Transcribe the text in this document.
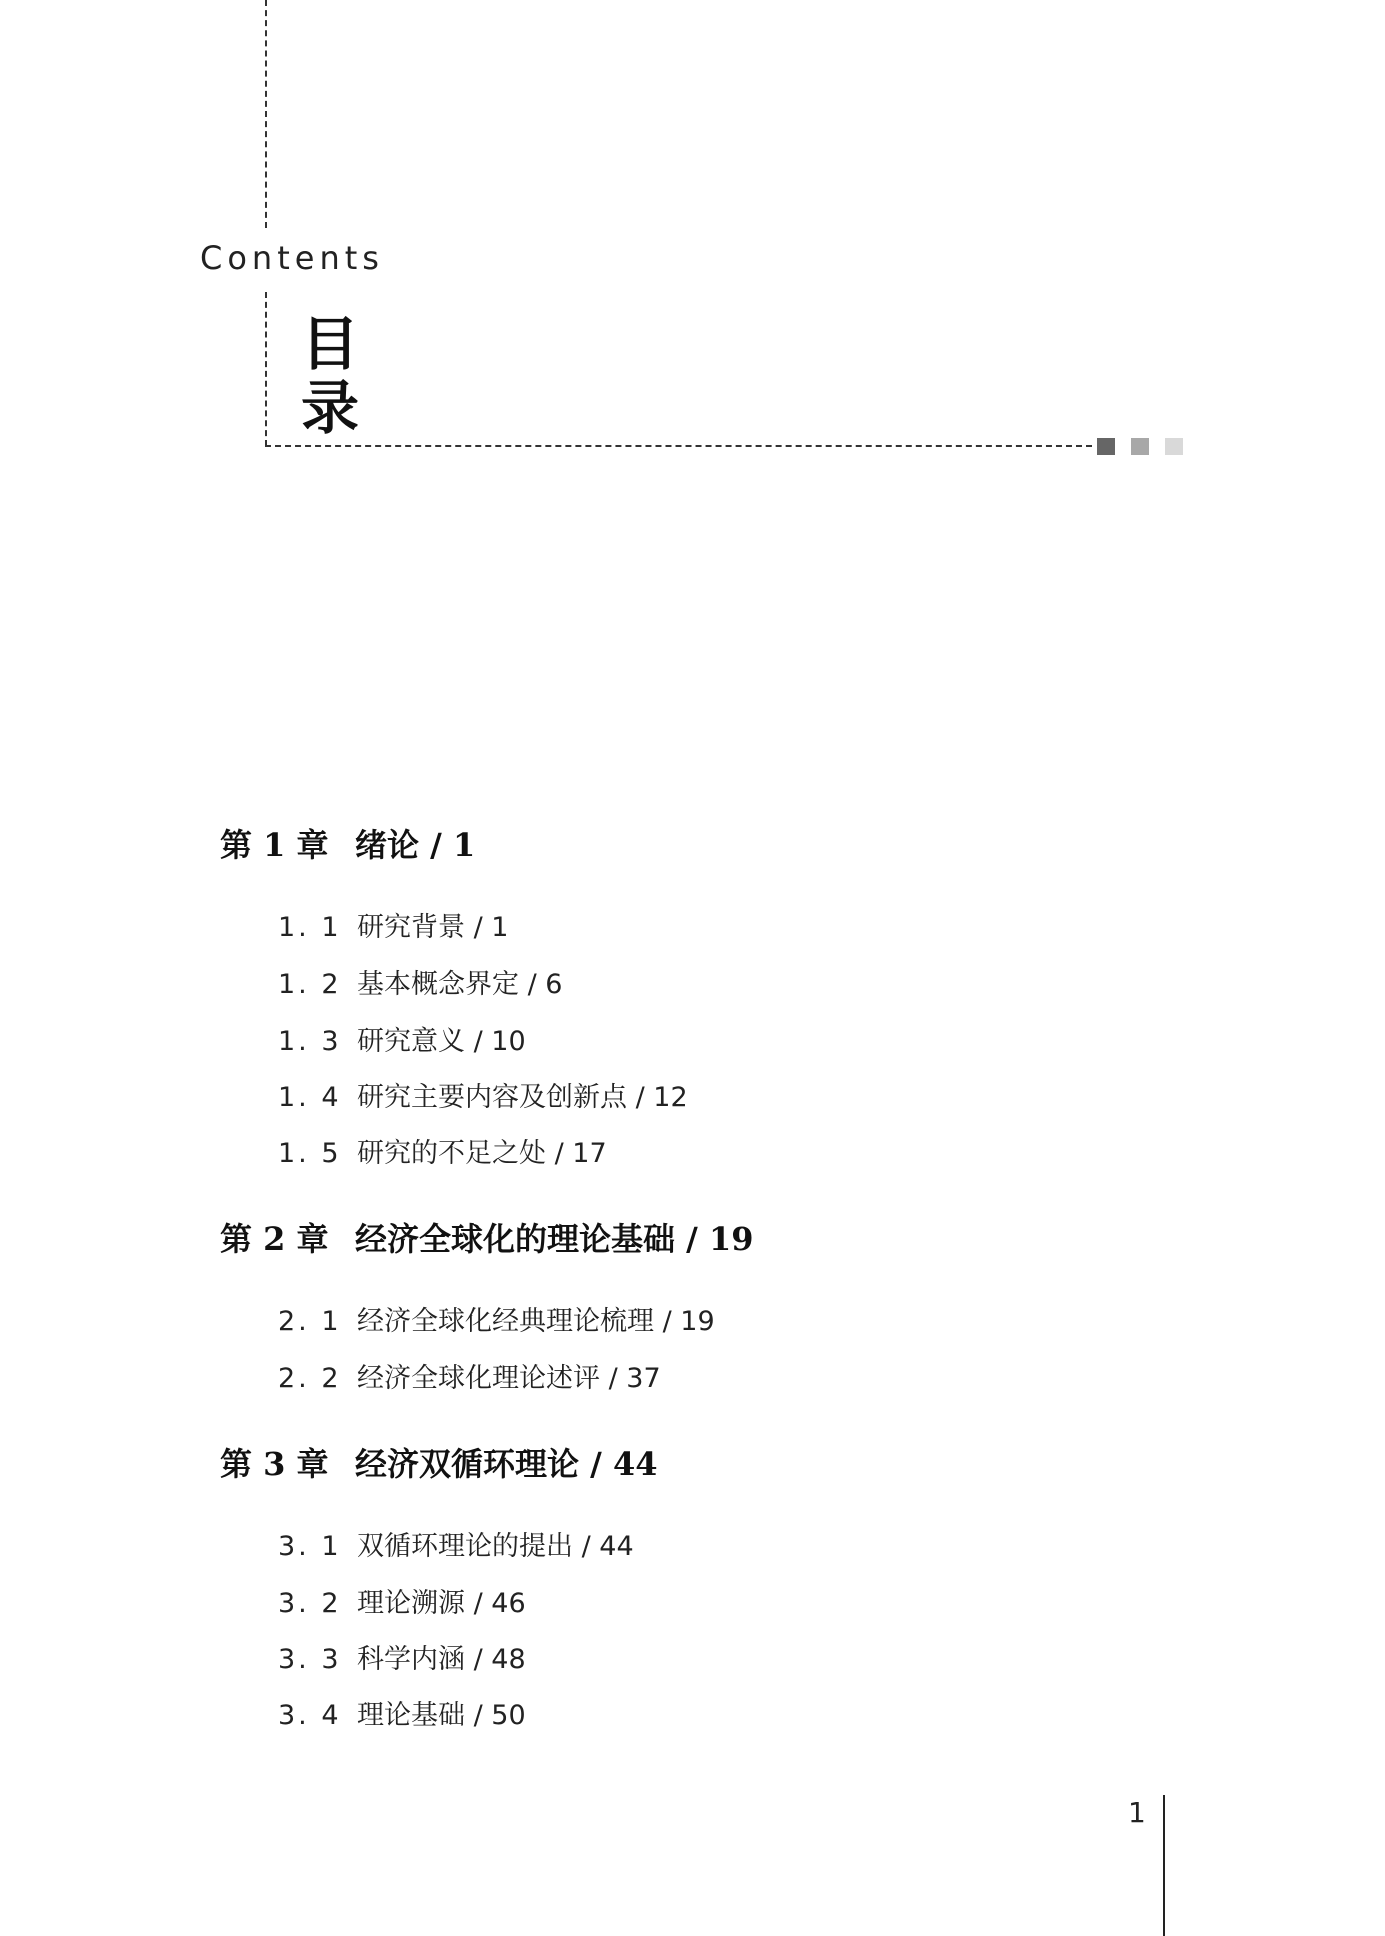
Contents
目
录
第 1 章 绪论 / 1
1. 1 研究背景 / 1
1. 2 基本概念界定 / 6
1. 3 研究意义 / 10
1. 4 研究主要内容及创新点 / 12
1. 5 研究的不足之处 / 17
第 2 章 经济全球化的理论基础 / 19
2. 1 经济全球化经典理论梳理 / 19
2. 2 经济全球化理论述评 / 37
第 3 章 经济双循环理论 / 44
3. 1 双循环理论的提出 / 44
3. 2 理论溯源 / 46
3. 3 科学内涵 / 48
3. 4 理论基础 / 50
1
